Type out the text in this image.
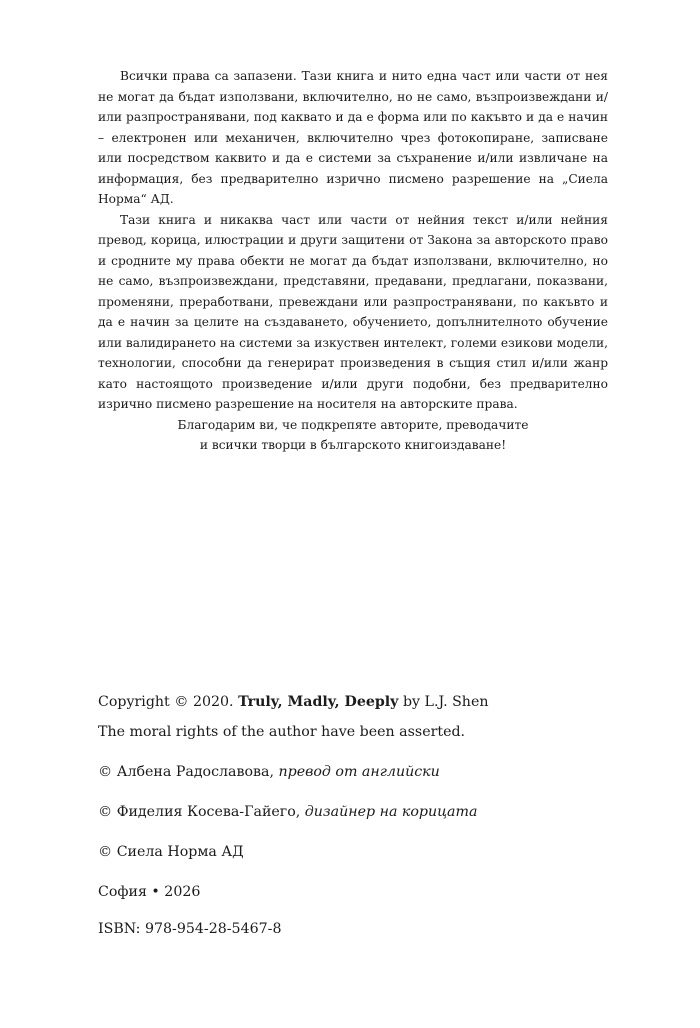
Всички права са запазени. Тази книга и нито една част или части от нея не могат да бъдат използвани, включително, но не само, възпроизвеждани и/или разпространявани, под каквато и да е форма или по какъвто и да е начин – електронен или механичен, включително чрез фотокопиране, записване или посредством каквито и да е системи за съхранение и/или извличане на информация, без предварително изрично писмено разрешение на „Сиела Норма“ АД.

Тази книга и никаква част или части от нейния текст и/или нейния превод, корица, илюстрации и други защитени от Закона за авторското право и сродните му права обекти не могат да бъдат използвани, включително, но не само, възпроизвеждани, представяни, предавани, предлагани, показвани, променяни, преработвани, превеждани или разпространявани, по какъвто и да е начин за целите на създаването, обучението, допълнителното обучение или валидирането на системи за изкуствен интелект, големи езикови модели, технологии, способни да генерират произведения в същия стил и/или жанр като настоящото произведение и/или други подобни, без предварително изрично писмено разрешение на носителя на авторските права.

Благодарим ви, че подкрепяте авторите, преводачите

и всички творци в българското книгоиздаване!

Copyright © 2020. Truly, Madly, Deeply by L.J. Shen
The moral rights of the author have been asserted.
© Албена Радославова, превод от английски
© Фиделия Косева-Гайего, дизайнер на корицата
© Сиела Норма АД
София • 2026
ISBN: 978-954-28-5467-8
